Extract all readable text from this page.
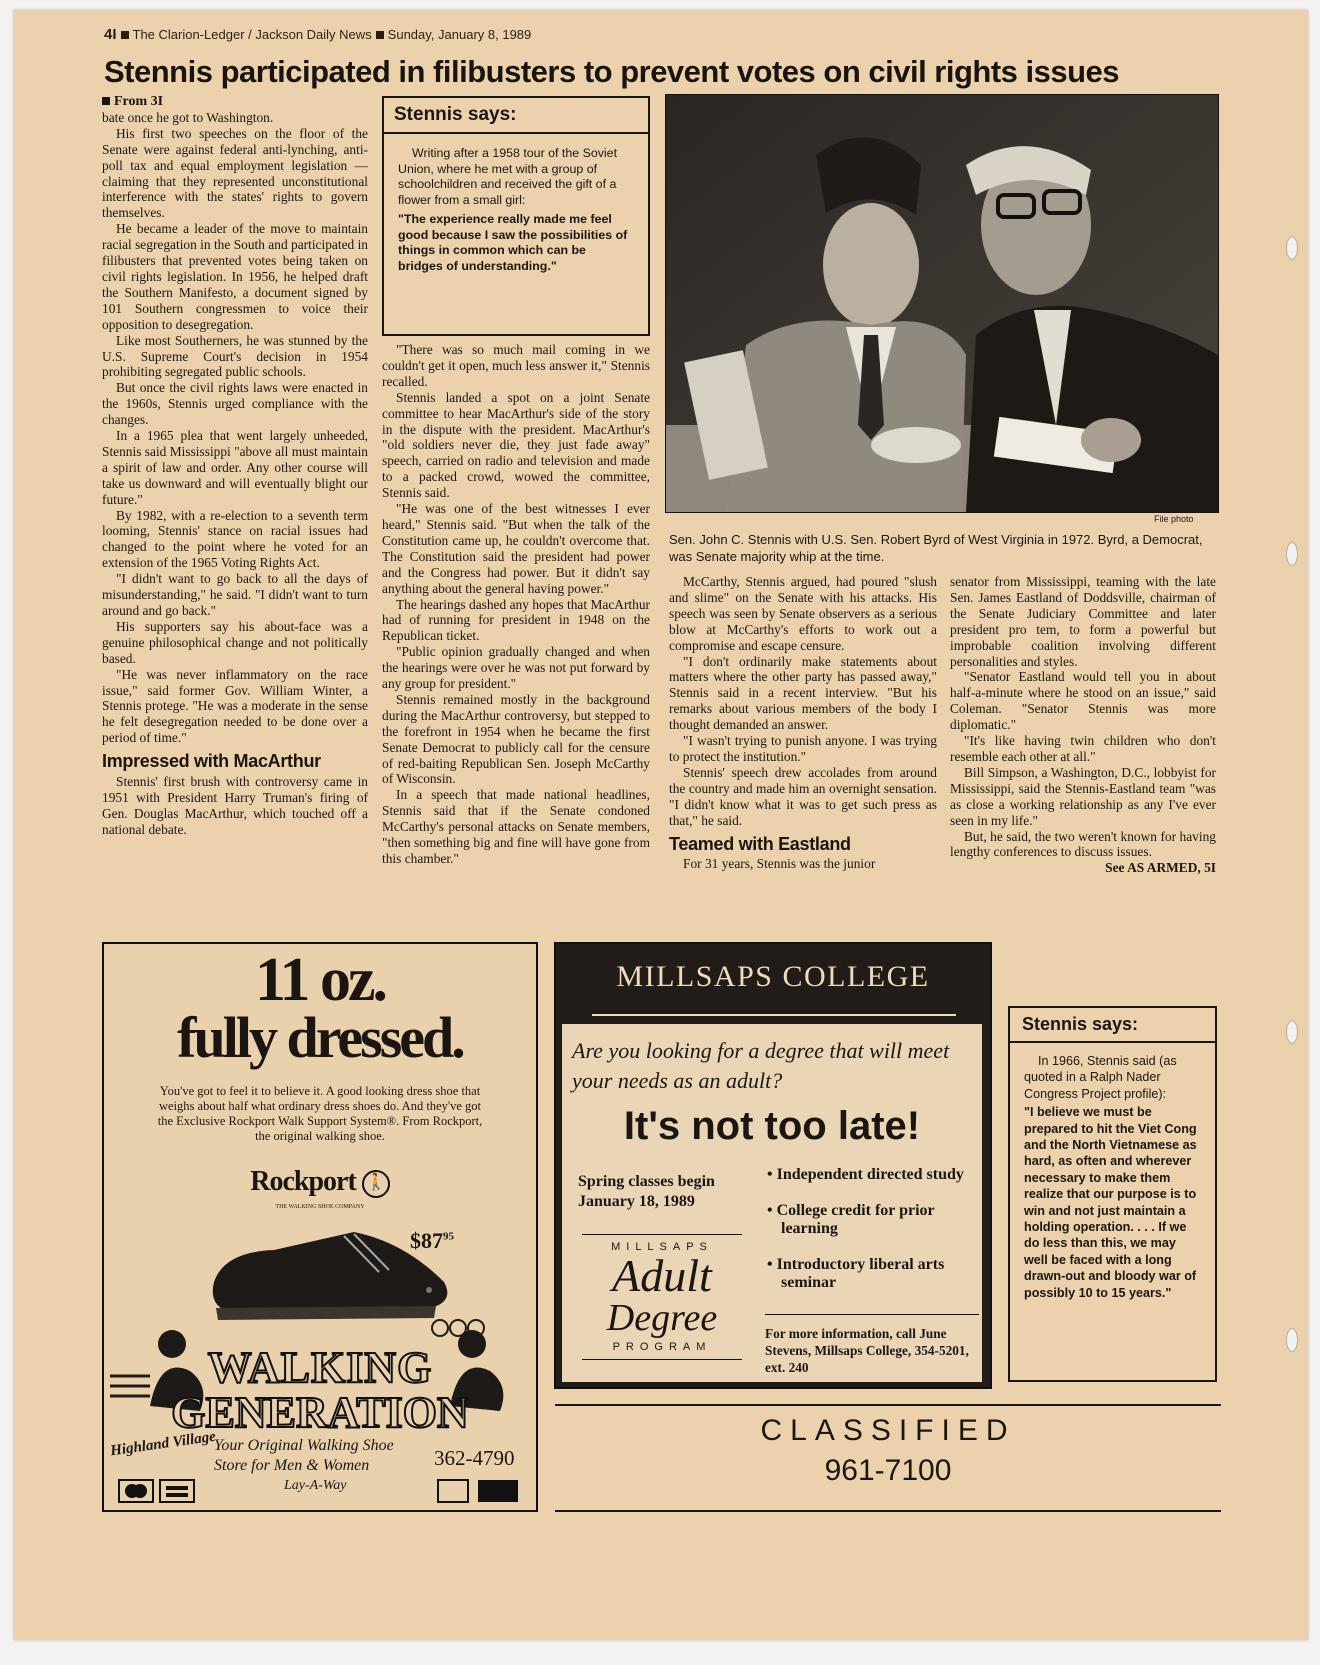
4I The Clarion-Ledger / Jackson Daily News Sunday, January 8, 1989
Stennis participated in filibusters to prevent votes on civil rights issues
From 3I

bate once he got to Washington.

His first two speeches on the floor of the Senate were against federal anti-lynching, anti-poll tax and equal employment legislation — claiming that they represented unconstitutional interference with the states' rights to govern themselves.

He became a leader of the move to maintain racial segregation in the South and participated in filibusters that prevented votes being taken on civil rights legislation. In 1956, he helped draft the Southern Manifesto, a document signed by 101 Southern congressmen to voice their opposition to desegregation.

Like most Southerners, he was stunned by the U.S. Supreme Court's decision in 1954 prohibiting segregated public schools.

But once the civil rights laws were enacted in the 1960s, Stennis urged compliance with the changes.

In a 1965 plea that went largely unheeded, Stennis said Mississippi "above all must maintain a spirit of law and order. Any other course will take us downward and will eventually blight our future."

By 1982, with a re-election to a seventh term looming, Stennis' stance on racial issues had changed to the point where he voted for an extension of the 1965 Voting Rights Act.

"I didn't want to go back to all the days of misunderstanding," he said. "I didn't want to turn around and go back."

His supporters say his about-face was a genuine philosophical change and not politically based.

"He was never inflammatory on the race issue," said former Gov. William Winter, a Stennis protege. "He was a moderate in the sense he felt desegregation needed to be done over a period of time."

Impressed with MacArthur

Stennis' first brush with controversy came in 1951 with President Harry Truman's firing of Gen. Douglas MacArthur, which touched off a national debate.

Stennis says:
Writing after a 1958 tour of the Soviet Union, where he met with a group of schoolchildren and received the gift of a flower from a small girl:
"The experience really made me feel good because I saw the possibilities of things in common which can be bridges of understanding."

"There was so much mail coming in we couldn't get it open, much less answer it," Stennis recalled.

Stennis landed a spot on a joint Senate committee to hear MacArthur's side of the story in the dispute with the president. MacArthur's "old soldiers never die, they just fade away" speech, carried on radio and television and made to a packed crowd, wowed the committee, Stennis said.

"He was one of the best witnesses I ever heard," Stennis said. "But when the talk of the Constitution came up, he couldn't overcome that. The Constitution said the president had power and the Congress had power. But it didn't say anything about the general having power."

The hearings dashed any hopes that MacArthur had of running for president in 1948 on the Republican ticket.

"Public opinion gradually changed and when the hearings were over he was not put forward by any group for president."

Stennis remained mostly in the background during the MacArthur controversy, but stepped to the forefront in 1954 when he became the first Senate Democrat to publicly call for the censure of red-baiting Republican Sen. Joseph McCarthy of Wisconsin.

In a speech that made national headlines, Stennis said that if the Senate condoned McCarthy's personal attacks on Senate members, "then something big and fine will have gone from this chamber."

File photo
Sen. John C. Stennis with U.S. Sen. Robert Byrd of West Virginia in 1972. Byrd, a Democrat, was Senate majority whip at the time.

McCarthy, Stennis argued, had poured "slush and slime" on the Senate with his attacks. His speech was seen by Senate observers as a serious blow at McCarthy's efforts to work out a compromise and escape censure.

"I don't ordinarily make statements about matters where the other party has passed away," Stennis said in a recent interview. "But his remarks about various members of the body I thought demanded an answer.

"I wasn't trying to punish anyone. I was trying to protect the institution."

Stennis' speech drew accolades from around the country and made him an overnight sensation. "I didn't know what it was to get such press as that," he said.

Teamed with Eastland

For 31 years, Stennis was the junior

senator from Mississippi, teaming with the late Sen. James Eastland of Doddsville, chairman of the Senate Judiciary Committee and later president pro tem, to form a powerful but improbable coalition involving different personalities and styles.

"Senator Eastland would tell you in about half-a-minute where he stood on an issue," said Coleman. "Senator Stennis was more diplomatic."

"It's like having twin children who don't resemble each other at all."

Bill Simpson, a Washington, D.C., lobbyist for Mississippi, said the Stennis-Eastland team "was as close a working relationship as any I've ever seen in my life."

But, he said, the two weren't known for having lengthy conferences to discuss issues.

See AS ARMED, 5I

11 oz.
fully dressed.
You've got to feel it to believe it. A good looking dress shoe that weighs about half what ordinary dress shoes do. And they've got the Exclusive Rockport Walk Support System®. From Rockport, the original walking shoe.
Rockport 🚶
THE WALKING SHOE COMPANY
$\$87^{95}$
WALKING
GENERATION
Highland Village
Your Original Walking Shoe
Store for Men & Women	362-4790
Lay-A-Way
MILLSAPS COLLEGE
Are you looking for a degree that will meet your needs as an adult?
It's not too late!
Spring classes begin January 18, 1989
MILLSAPS
Adult
Degree
PROGRAM
• Independent directed study
• College credit for prior learning
• Introductory liberal arts seminar
For more information, call June Stevens, Millsaps College, 354-5201, ext. 240
Stennis says:
In 1966, Stennis said (as quoted in a Ralph Nader Congress Project profile):
"I believe we must be prepared to hit the Viet Cong and the North Vietnamese as hard, as often and wherever necessary to make them realize that our purpose is to win and not just maintain a holding operation. . . . If we do less than this, we may well be faced with a long drawn-out and bloody war of possibly 10 to 15 years."
CLASSIFIED
961-7100
